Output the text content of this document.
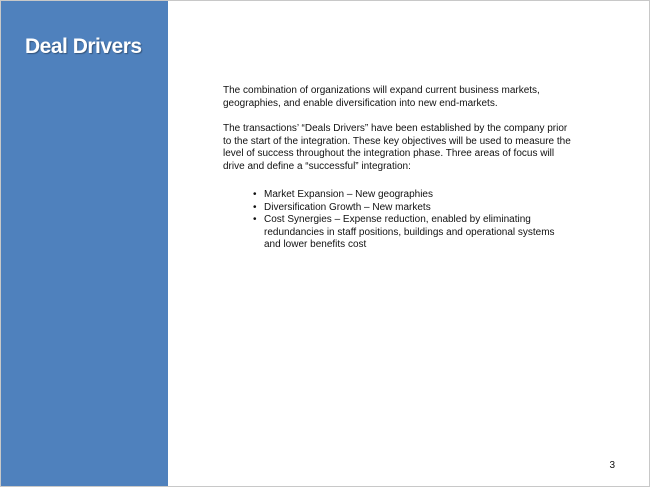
Deal Drivers

The combination of organizations will expand current business markets,
geographies, and enable diversification into new end-markets.

The transactions’ “Deals Drivers” have been established by the company prior
to the start of the integration. These key objectives will be used to measure the
level of success throughout the integration phase. Three areas of focus will
drive and define a “successful” integration:

• Market Expansion – New geographies
• Diversification Growth – New markets
• Cost Synergies – Expense reduction, enabled by eliminating
redundancies in staff positions, buildings and operational systems
and lower benefits cost
3
